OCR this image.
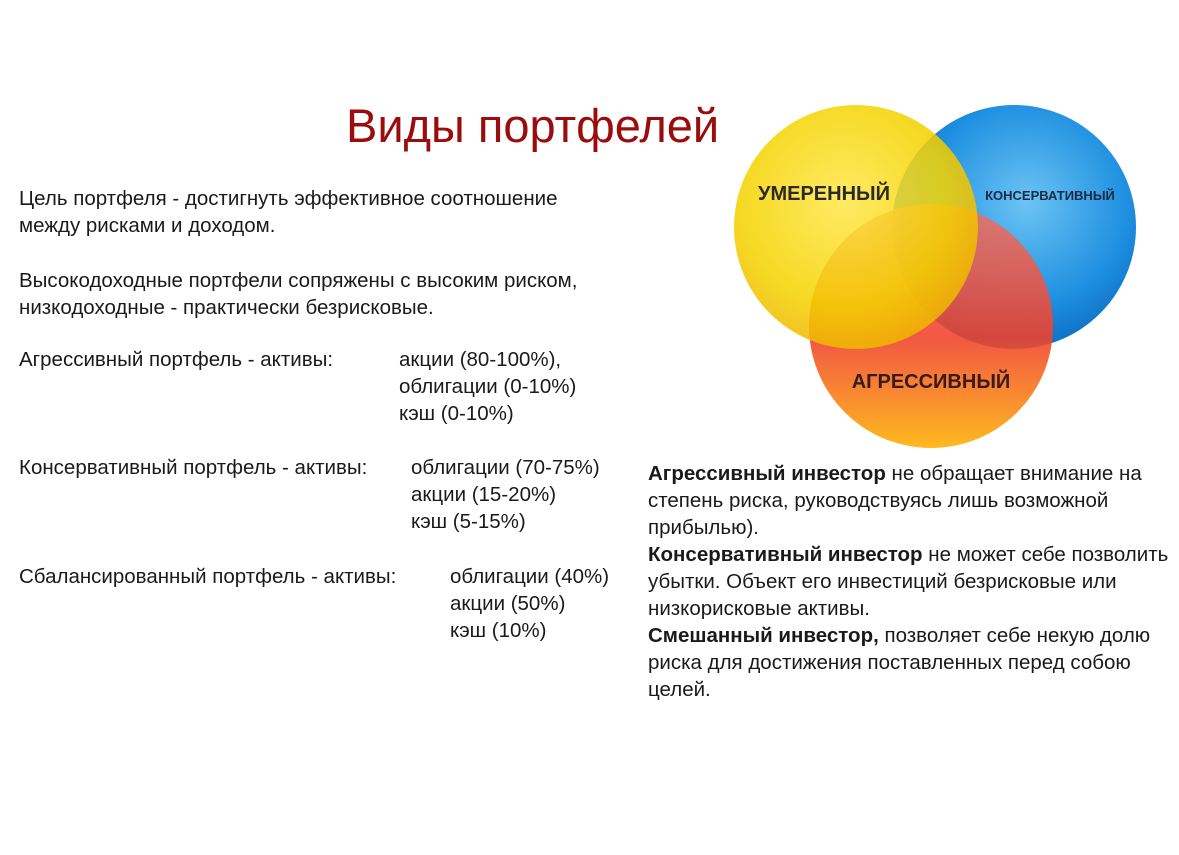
Виды портфелей
Цель портфеля - достигнуть эффективное соотношение
между рисками и доходом.
Высокодоходные портфели сопряжены с высоким риском,
низкодоходные - практически безрисковые.
Агрессивный портфель - активы:	акции (80-100%),
облигации (0-10%)
кэш (0-10%)
Консервативный портфель - активы: облигации (70-75%)
акции (15-20%)
кэш (5-15%)
Сбалансированный портфель - активы:	облигации (40%)
акции (50%)
кэш (10%)

Агрессивный инвестор не обращает внимание на степень риска, руководствуясь лишь возможной прибылью).

Консервативный инвестор не может себе позволить убытки. Объект его инвестиций безрисковые или низкорисковые активы.

Смешанный инвестор, позволяет себе некую долю риска для достижения поставленных перед собою целей.

УМЕРЕННЫЙ	КОНСЕРВАТИВНЫЙ
АГРЕССИВНЫЙ
